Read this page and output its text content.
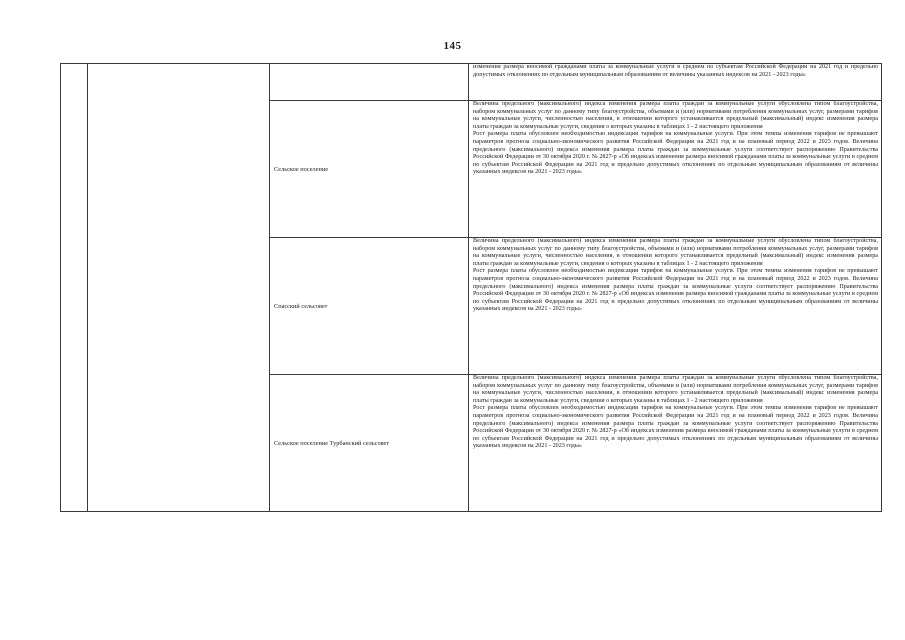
145

			изменения размера вносимой гражданами платы за коммунальные услуги в среднем по субъектам Российской Федерации на 2021 год и предельно допустимых отклонениях по отдельным муниципальным образованиям от величины указанных индексов на 2021 - 2023 годы»

		Сельское поселение	Величина предельного (максимального) индекса изменения размера платы граждан за коммунальные услуги обусловлена типом благоустройства, набором коммунальных услуг по данному типу благоустройства, объемами и (или) нормативами потребления коммунальных услуг, размерами тарифов на коммунальные услуги, численностью населения, в отношении которого устанавливается предельный (максимальный) индекс изменения размера платы граждан за коммунальные услуги, сведения о которых указаны в таблицах 1 - 2 настоящего приложения

Рост размера платы обусловлен необходимостью индексации тарифов на коммунальные услуги. При этом темпы изменения тарифов не превышают параметров прогноза социально-экономического развития Российской Федерации на 2021 год и на плановый период 2022 и 2023 годов. Величина предельного (максимального) индекса изменения размера платы граждан за коммунальные услуги соответствует распоряжению Правительства Российской Федерации от 30 октября 2020 г. № 2827-р «Об индексах изменения размера вносимой гражданами платы за коммунальные услуги в среднем по субъектам Российской Федерации на 2021 год и предельно допустимых отклонениях по отдельным муниципальным образованиям от величины указанных индексов на 2021 - 2023 годы»

		Спасский сельсовет	Величина предельного (максимального) индекса изменения размера платы граждан за коммунальные услуги обусловлена типом благоустройства, набором коммунальных услуг по данному типу благоустройства, объемами и (или) нормативами потребления коммунальных услуг, размерами тарифов на коммунальные услуги, численностью населения, в отношении которого устанавливается предельный (максимальный) индекс изменения размера платы граждан за коммунальные услуги, сведения о которых указаны в таблицах 1 - 2 настоящего приложения

Рост размера платы обусловлен необходимостью индексации тарифов на коммунальные услуги. При этом темпы изменения тарифов не превышают параметров прогноза социально-экономического развития Российской Федерации на 2021 год и на плановый период 2022 и 2023 годов. Величина предельного (максимального) индекса изменения размера платы граждан за коммунальные услуги соответствует распоряжению Правительства Российской Федерации от 30 октября 2020 г. № 2827-р «Об индексах изменения размера вносимой гражданами платы за коммунальные услуги в среднем по субъектам Российской Федерации на 2021 год и предельно допустимых отклонениях по отдельным муниципальным образованиям от величины указанных индексов на 2021 - 2023 годы»

		Сельское поселение Турбанский сельсовет	Величина предельного (максимального) индекса изменения размера платы граждан за коммунальные услуги обусловлена типом благоустройства, набором коммунальных услуг по данному типу благоустройства, объемами и (или) нормативами потребления коммунальных услуг, размерами тарифов на коммунальные услуги, численностью населения, в отношении которого устанавливается предельный (максимальный) индекс изменения размера платы граждан за коммунальные услуги, сведения о которых указаны в таблицах 1 - 2 настоящего приложения

Рост размера платы обусловлен необходимостью индексации тарифов на коммунальные услуги. При этом темпы изменения тарифов не превышают параметров прогноза социально-экономического развития Российской Федерации на 2021 год и на плановый период 2022 и 2023 годов. Величина предельного (максимального) индекса изменения размера платы граждан за коммунальные услуги соответствует распоряжению Правительства Российской Федерации от 30 октября 2020 г. № 2827-р «Об индексах изменения размера вносимой гражданами платы за коммунальные услуги в среднем по субъектам Российской Федерации на 2021 год и предельно допустимых отклонениях по отдельным муниципальным образованиям от величины указанных индексов на 2021 - 2023 годы»
